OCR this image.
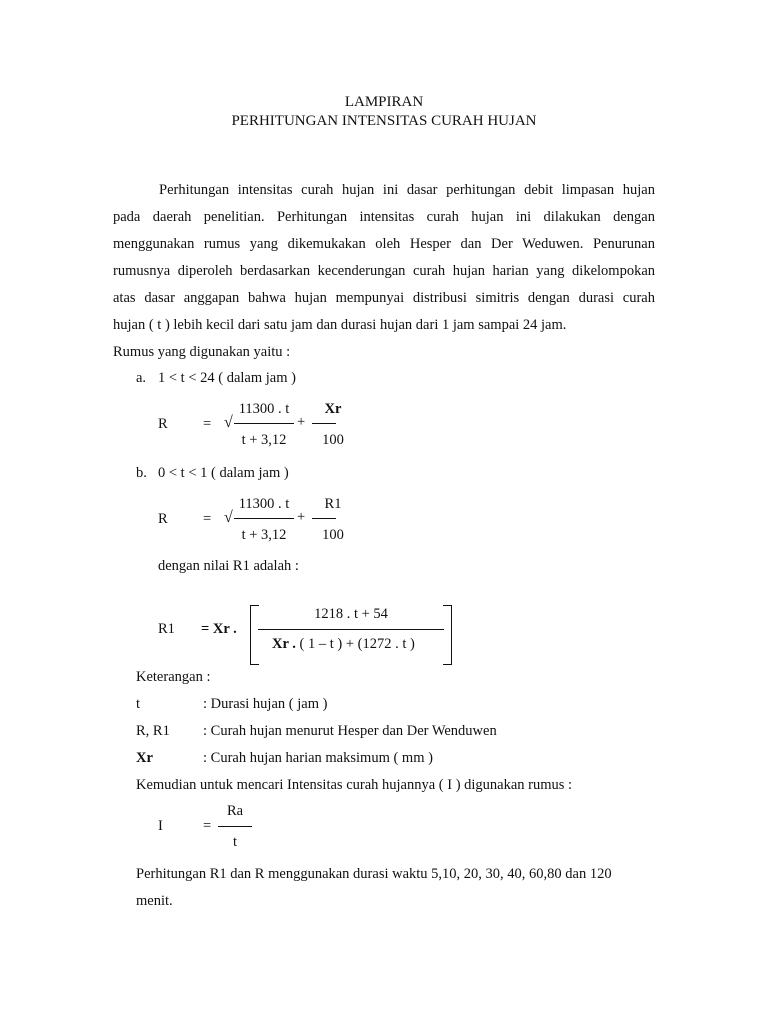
LAMPIRAN
PERHITUNGAN INTENSITAS CURAH HUJAN
Perhitungan intensitas curah hujan ini dasar perhitungan debit limpasan hujan
pada daerah penelitian. Perhitungan intensitas curah hujan ini dilakukan dengan
menggunakan rumus yang dikemukakan oleh Hesper dan Der Weduwen. Penurunan
rumusnya diperoleh berdasarkan kecenderungan curah hujan harian yang dikelompokan
atas dasar anggapan bahwa hujan mempunyai distribusi simitris dengan durasi curah
hujan ( t ) lebih kecil dari satu jam dan durasi hujan dari 1 jam sampai 24 jam.
Rumus yang digunakan yaitu :
a. 1 < t < 24 ( dalam jam )
R = √
11300 . t
t + 3,12
+
Xr
100
b. 0 < t < 1 ( dalam jam )
R = √
11300 . t
t + 3,12
+
R1
100
dengan nilai R1 adalah :
R1 = Xr .
1218 . t + 54
Xr . ( 1 – t ) + (1272 . t )
Keterangan :
t	: Durasi hujan ( jam )
R, R1 : Curah hujan menurut Hesper dan Der Wenduwen
Xr	: Curah hujan harian maksimum ( mm )
Kemudian untuk mencari Intensitas curah hujannya ( I ) digunakan rumus :
I	=
Ra
t
Perhitungan R1 dan R menggunakan durasi waktu 5,10, 20, 30, 40, 60,80 dan 120
menit.
